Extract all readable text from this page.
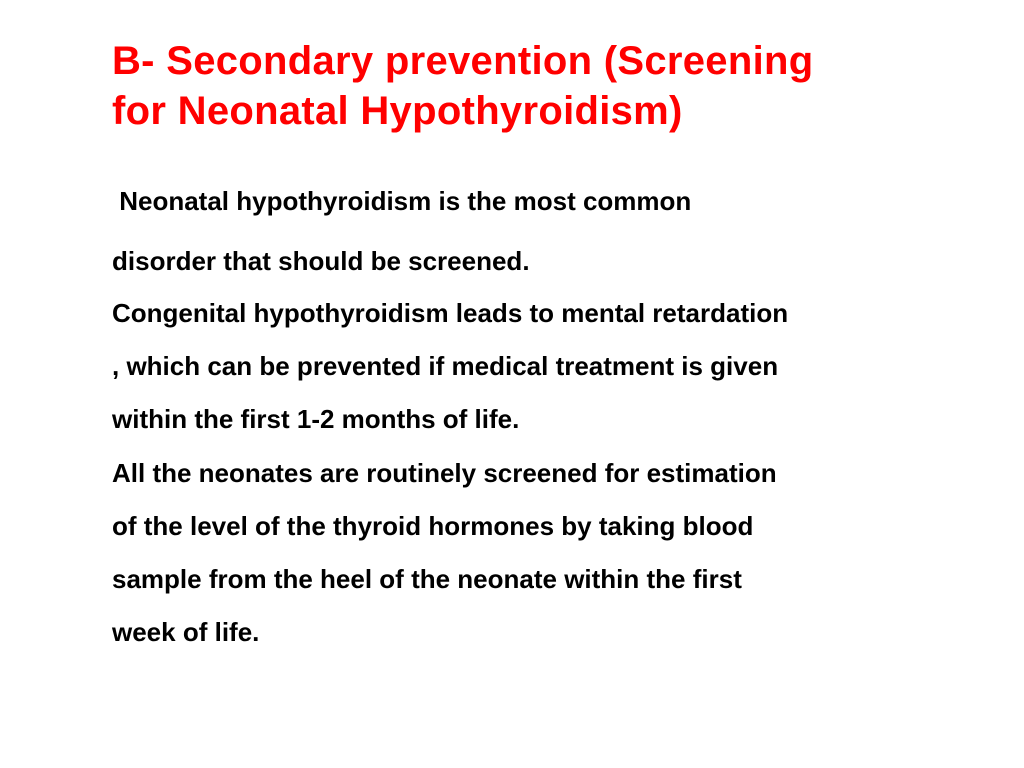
B- Secondary prevention (Screening
for Neonatal Hypothyroidism)
Neonatal hypothyroidism is the most common
disorder that should be screened.
Congenital hypothyroidism leads to mental retardation
, which can be prevented if medical treatment is given
within the first 1-2 months of life.
All the neonates are routinely screened for estimation
of the level of the thyroid hormones by taking blood
sample from the heel of the neonate within the first
week of life.
